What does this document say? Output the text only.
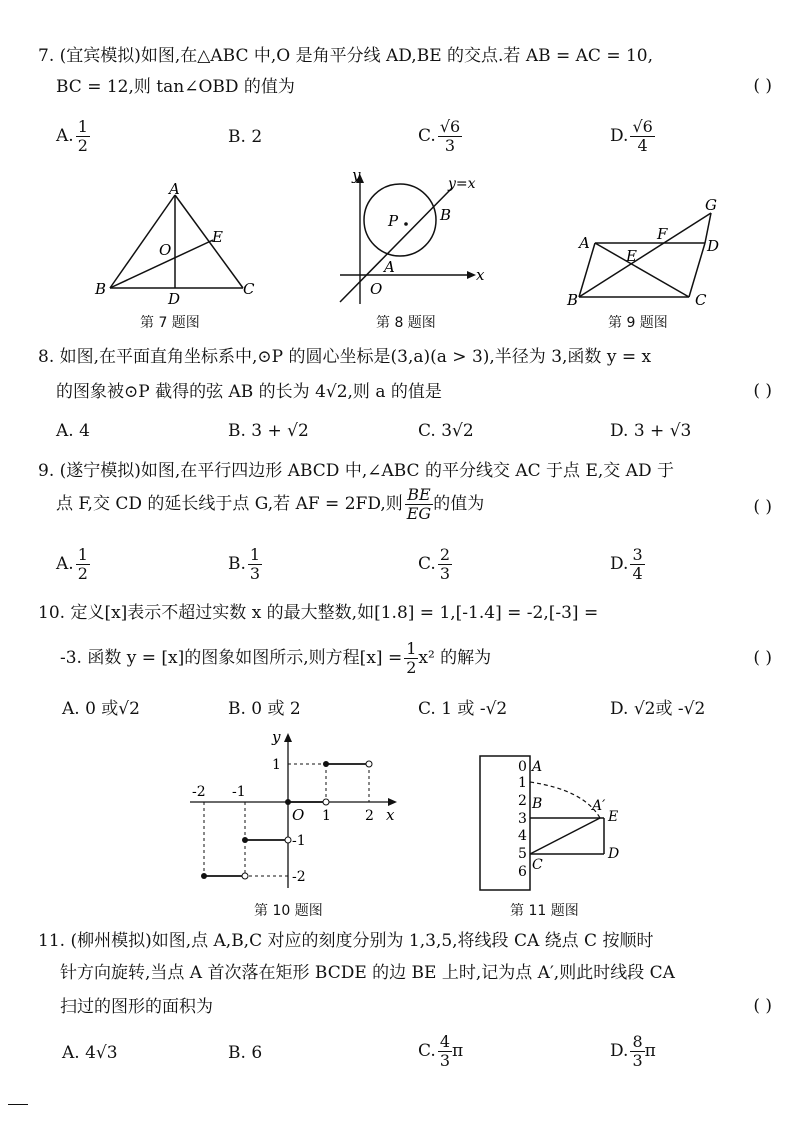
7. (宜宾模拟)如图,在△ABC 中,O 是角平分线 AD,BE 的交点.若 AB = AC = 10,
BC = 12,则 tan∠OBD 的值为	( )
A. $\frac{1}{2}$	B. 2	C. $\frac{√6}{3}$	D. $\frac{√6}{4}$
A
B	C
D
E
O
第 7 题图
P
y
x
O
A
B
y=x
第 8 题图
A
B	C
D
E
F
G
第 9 题图
8. 如图,在平面直角坐标系中,⊙P 的圆心坐标是(3,a)(a > 3),半径为 3,函数 y = x
的图象被⊙P 截得的弦 AB 的长为 4√2,则 a 的值是	( )
A. 4	B. 3 + √2	C. 3√2	D. 3 + √3
9. (遂宁模拟)如图,在平行四边形 ABCD 中,∠ABC 的平分线交 AC 于点 E,交 AD 于
点 F,交 CD 的延长线于点 G,若 AF = 2FD,则 $\frac{BE}{EG}$ 的值为	( )
A. $\frac{1}{2}$	B. $\frac{1}{3}$	C. $\frac{2}{3}$	D. $\frac{3}{4}$
10. 定义[x]表示不超过实数 x 的最大整数,如[1.8] = 1,[-1.4] = -2,[-3] =
-3. 函数 y = [x]的图象如图所示,则方程$[x] = \frac{1}{2} x^2$ 的解为	( )
A. 0 或√2	B. 0 或 2	C. 1 或 -√2	D. √2或 -√2
y
x
O
-2 -1
1 2
1
-1
-2
第 10 题图
0
1
2
3
4
5
6
A
B
C
D
E
A′
第 11 题图
11. (柳州模拟)如图,点 A,B,C 对应的刻度分别为 1,3,5,将线段 CA 绕点 C 按顺时
针方向旋转,当点 A 首次落在矩形 BCDE 的边 BE 上时,记为点 A′,则此时线段 CA
扫过的图形的面积为	( )
A. 4√3	B. 6	C. $\frac{4}{3}$ π	D. $\frac{8}{3}$ π
